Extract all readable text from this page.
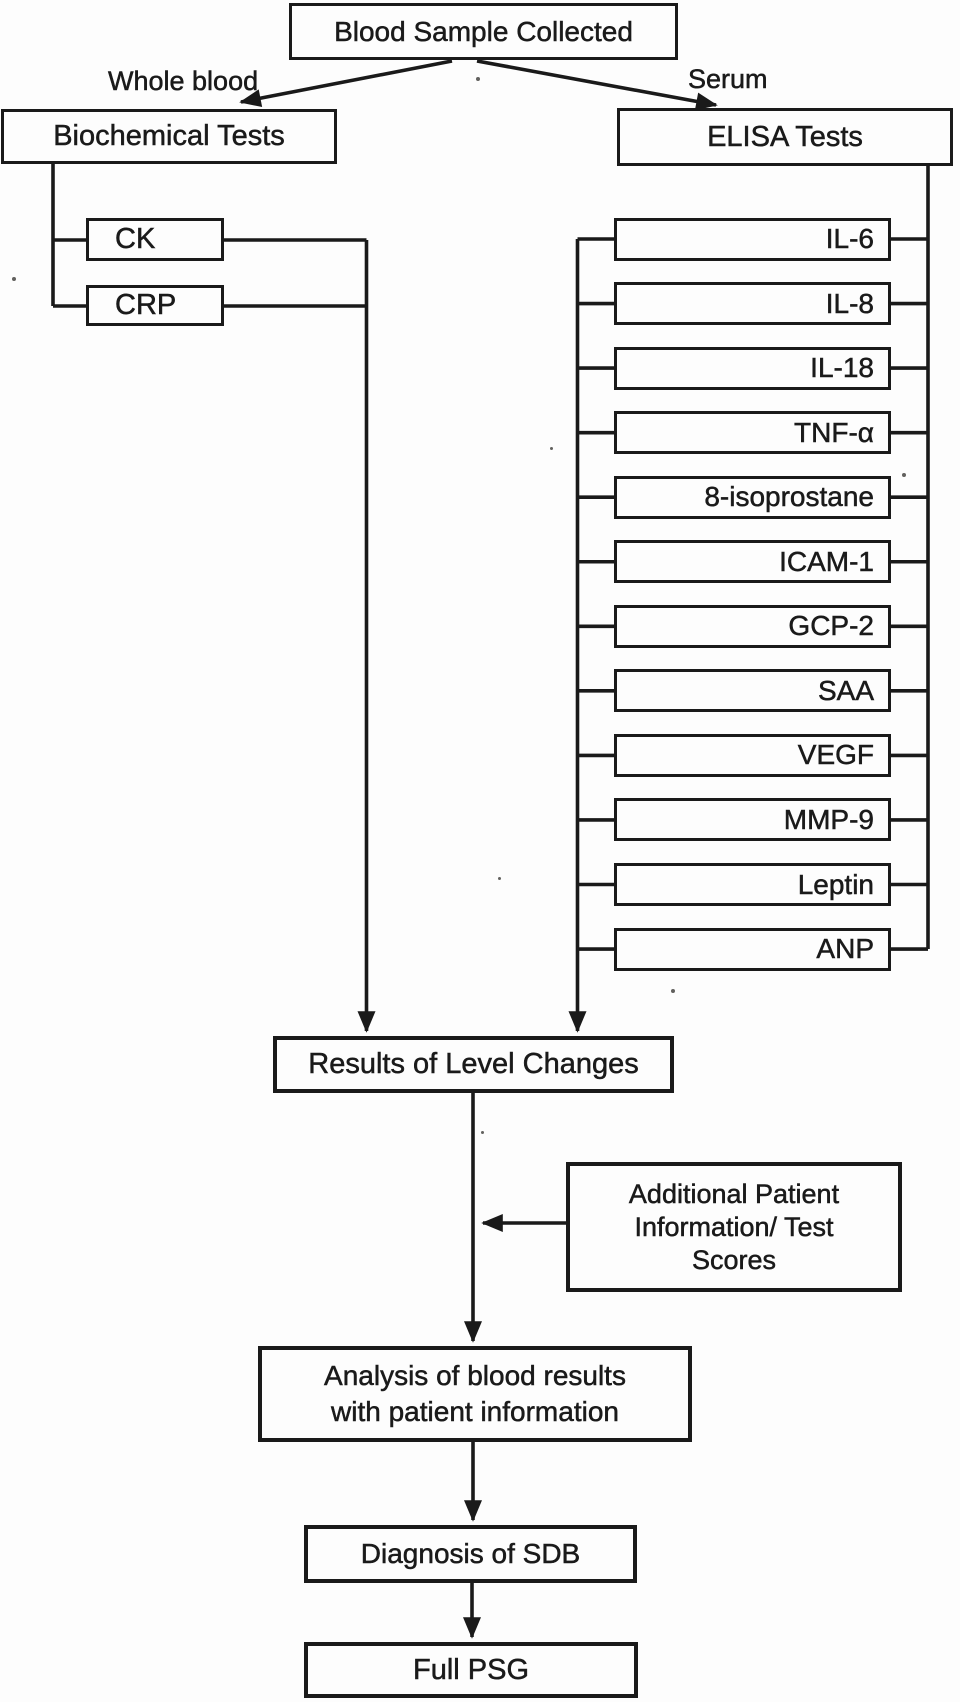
Blood Sample Collected
Whole blood	Serum
Biochemical Tests	ELISA Tests
Results of Level Changes
Additional Patient
Information/ Test
Scores
Analysis of blood results
with patient information
Diagnosis of SDB
Full PSG
CK
CRP
IL-6
IL-8
IL-18
TNF-α
8-isoprostane
ICAM-1
GCP-2
SAA
VEGF
MMP-9
Leptin
ANP
